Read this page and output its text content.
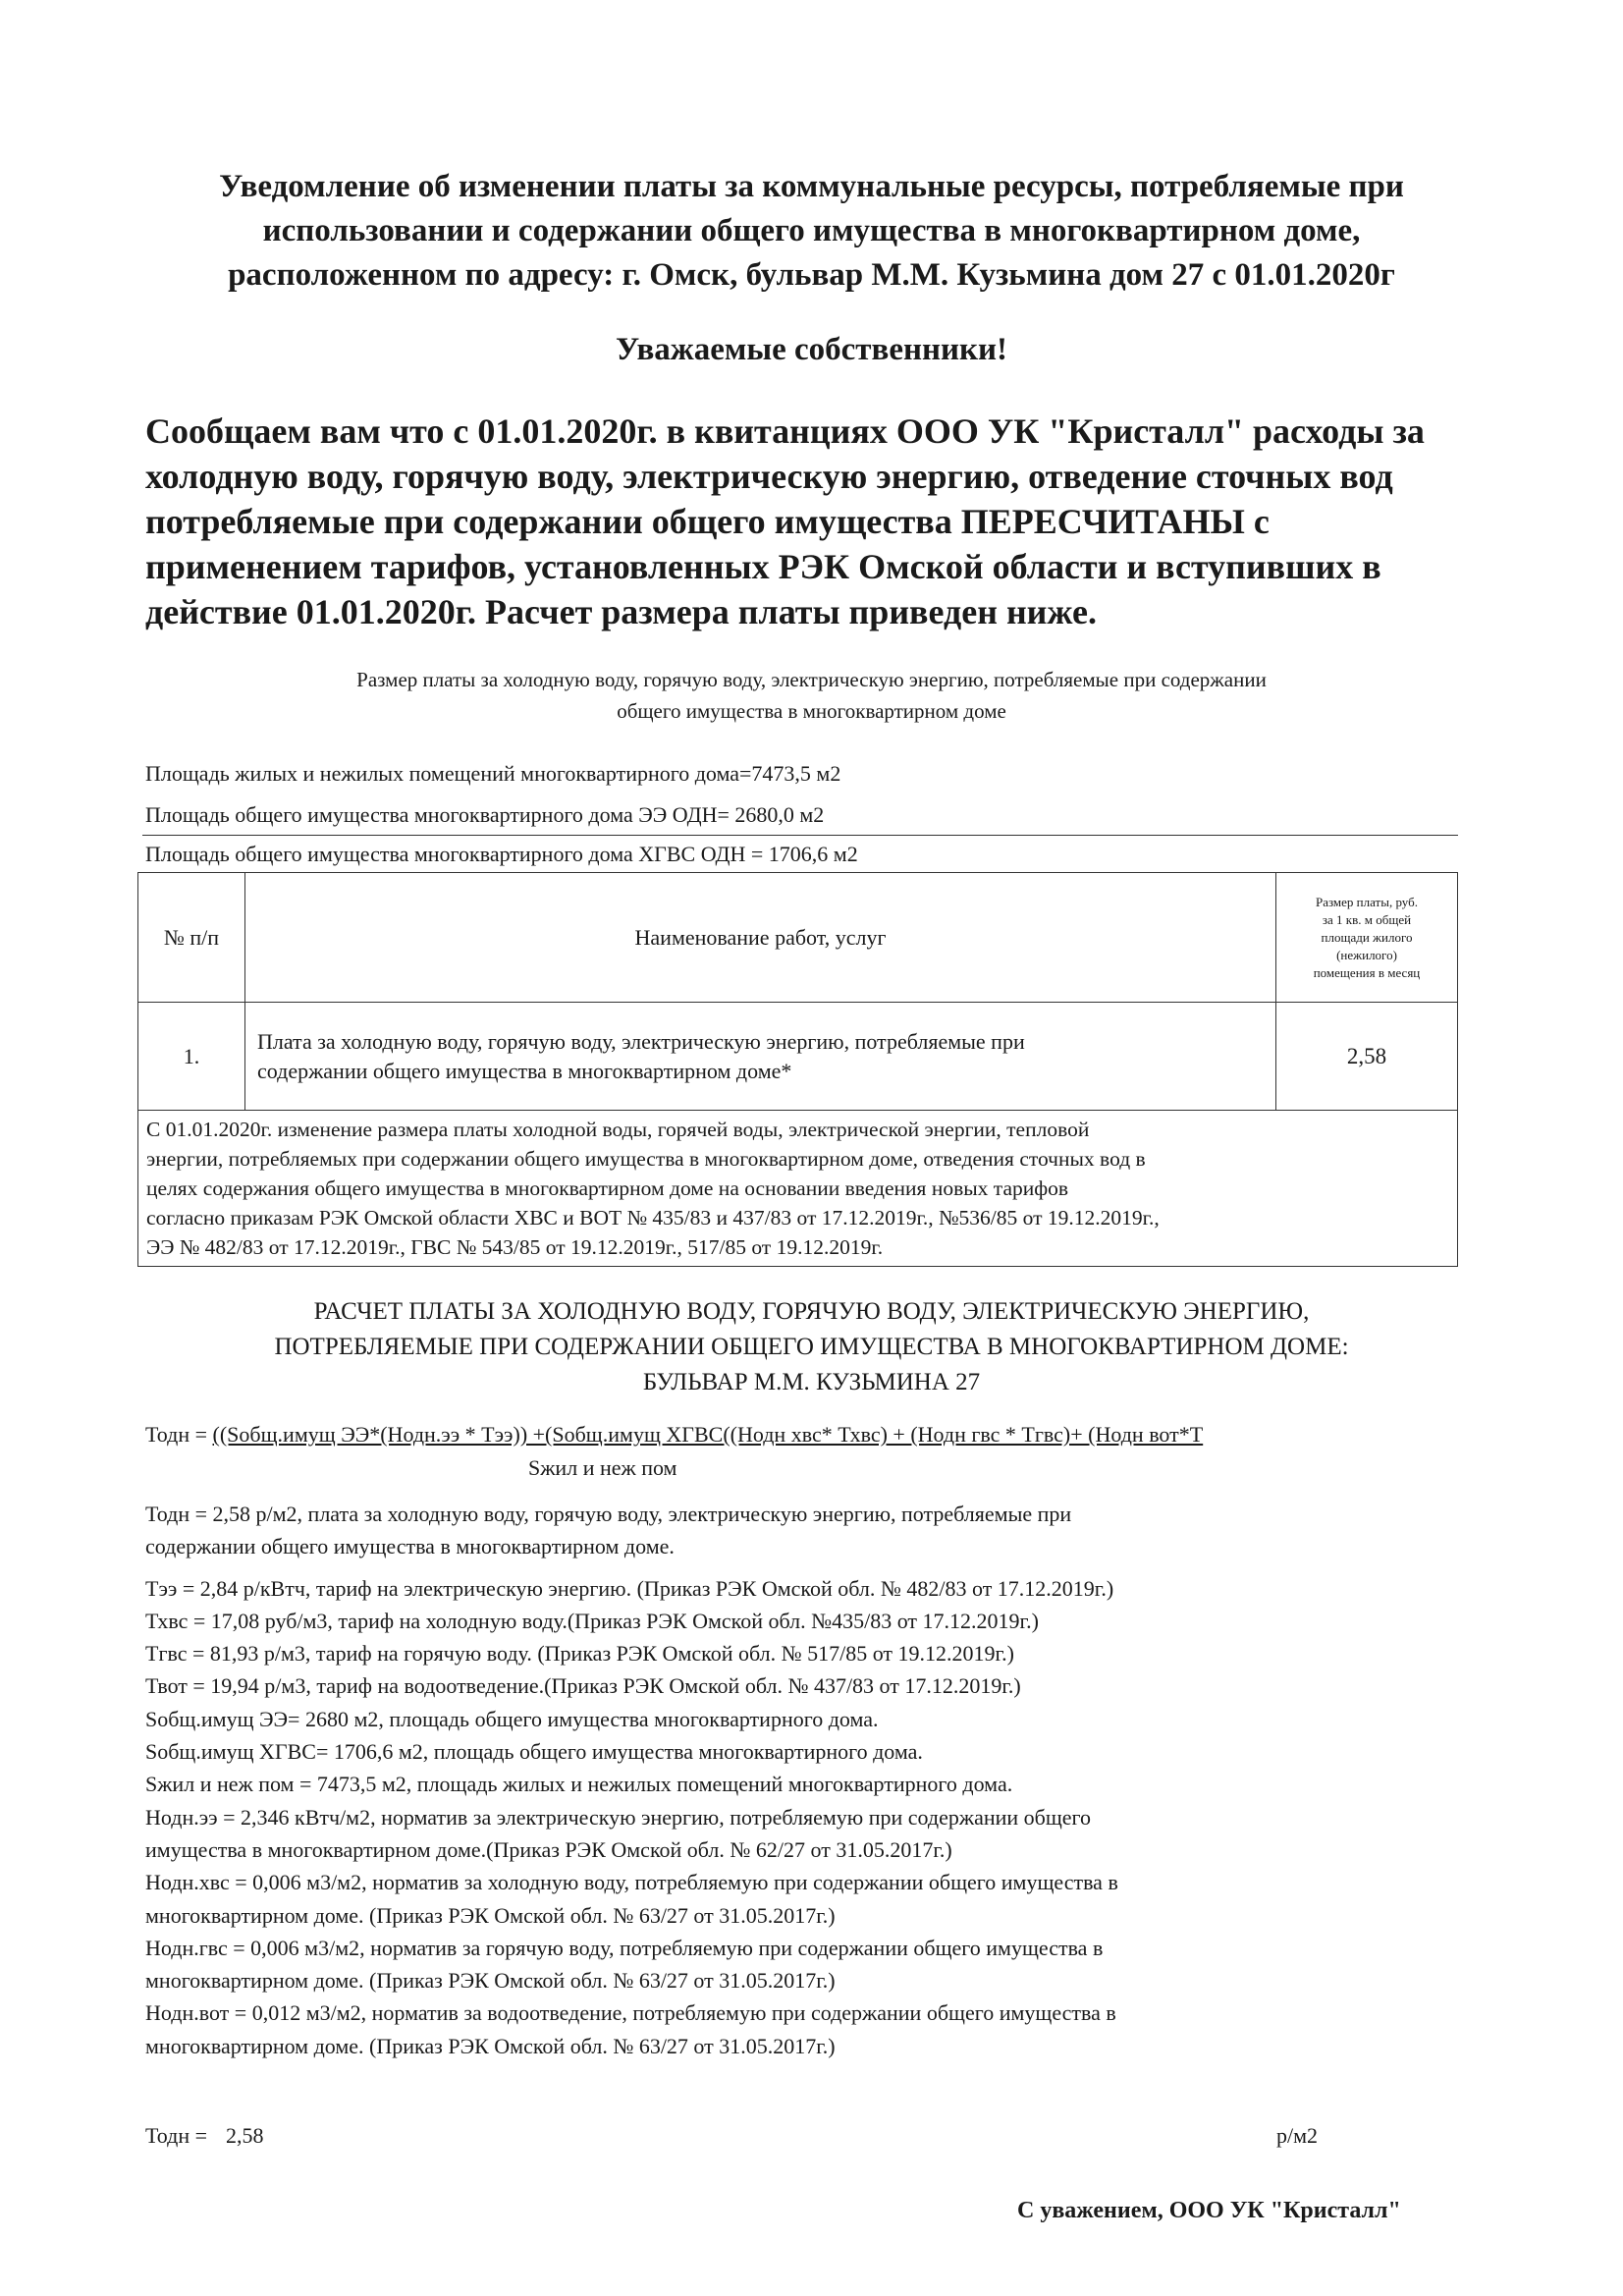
Уведомление об изменении платы за коммунальные ресурсы, потребляемые при
использовании и содержании общего имущества в многоквартирном доме,
расположенном по адресу: г. Омск, бульвар М.М. Кузьмина дом 27 с 01.01.2020г
Уважаемые собственники!
Сообщаем вам что с 01.01.2020г. в квитанциях ООО УК "Кристалл" расходы за
холодную воду, горячую воду, электрическую энергию, отведение сточных вод
потребляемые при содержании общего имущества ПЕРЕСЧИТАНЫ с
применением тарифов, установленных РЭК Омской области и вступивших в
действие 01.01.2020г. Расчет размера платы приведен ниже.
Размер платы за холодную воду, горячую воду, электрическую энергию, потребляемые при содержании
общего имущества в многоквартирном доме
Площадь жилых и нежилых помещений многоквартирного дома=7473,5 м2
Площадь общего имущества многоквартирного дома ЭЭ ОДН= 2680,0 м2
Площадь общего имущества многоквартирного дома ХГВС ОДН = 1706,6 м2
№ п/п	Наименование работ, услуг	Размер платы, руб.
за 1 кв. м общей
площади жилого
(нежилого)
помещения в месяц

1.	Плата за холодную воду, горячую воду, электрическую энергию, потребляемые при
содержании общего имущества в многоквартирном доме*	2,58

С 01.01.2020г. изменение размера платы холодной воды, горячей воды, электрической энергии, тепловой
энергии, потребляемых при содержании общего имущества в многоквартирном доме, отведения сточных вод в
целях содержания общего имущества в многоквартирном доме на основании введения новых тарифов
согласно приказам РЭК Омской области ХВС и ВОТ № 435/83 и 437/83 от 17.12.2019г., №536/85 от 19.12.2019г.,
ЭЭ № 482/83 от 17.12.2019г., ГВС № 543/85 от 19.12.2019г., 517/85 от 19.12.2019г.		
РАСЧЕТ ПЛАТЫ ЗА ХОЛОДНУЮ ВОДУ, ГОРЯЧУЮ ВОДУ, ЭЛЕКТРИЧЕСКУЮ ЭНЕРГИЮ,
ПОТРЕБЛЯЕМЫЕ ПРИ СОДЕРЖАНИИ ОБЩЕГО ИМУЩЕСТВА В МНОГОКВАРТИРНОМ ДОМЕ:
БУЛЬВАР М.М. КУЗЬМИНА 27
Тодн = ((Sобщ.имущ ЭЭ*(Нодн.ээ * Тээ)) +(Sобщ.имущ ХГВС((Нодн хвс* Тхвс) + (Нодн гвс * Тгвс)+ (Нодн вот*Т
Sжил и неж пом

Тодн = 2,58 р/м2, плата за холодную воду, горячую воду, электрическую энергию, потребляемые при

содержании общего имущества в многоквартирном доме.

Тээ = 2,84 р/кВтч, тариф на электрическую энергию. (Приказ РЭК Омской обл. № 482/83 от 17.12.2019г.)

Тхвс = 17,08 руб/м3, тариф на холодную воду.(Приказ РЭК Омской обл. №435/83 от 17.12.2019г.)

Тгвс = 81,93 р/м3, тариф на горячую воду. (Приказ РЭК Омской обл. № 517/85 от 19.12.2019г.)

Твот = 19,94 р/м3, тариф на водоотведение.(Приказ РЭК Омской обл. № 437/83 от 17.12.2019г.)

Sобщ.имущ ЭЭ= 2680 м2, площадь общего имущества многоквартирного дома.

Sобщ.имущ ХГВС= 1706,6 м2, площадь общего имущества многоквартирного дома.

Sжил и неж пом = 7473,5 м2, площадь жилых и нежилых помещений многоквартирного дома.

Нодн.ээ = 2,346 кВтч/м2, норматив за электрическую энергию, потребляемую при содержании общего

имущества в многоквартирном доме.(Приказ РЭК Омской обл. № 62/27 от 31.05.2017г.)

Нодн.хвс = 0,006 м3/м2, норматив за холодную воду, потребляемую при содержании общего имущества в

многоквартирном доме. (Приказ РЭК Омской обл. № 63/27 от 31.05.2017г.)

Нодн.гвс = 0,006 м3/м2, норматив за горячую воду, потребляемую при содержании общего имущества в

многоквартирном доме. (Приказ РЭК Омской обл. № 63/27 от 31.05.2017г.)

Нодн.вот = 0,012 м3/м2, норматив за водоотведение, потребляемую при содержании общего имущества в

многоквартирном доме. (Приказ РЭК Омской обл. № 63/27 от 31.05.2017г.)

Тодн = 2,58	р/м2
С уважением, ООО УК "Кристалл"
